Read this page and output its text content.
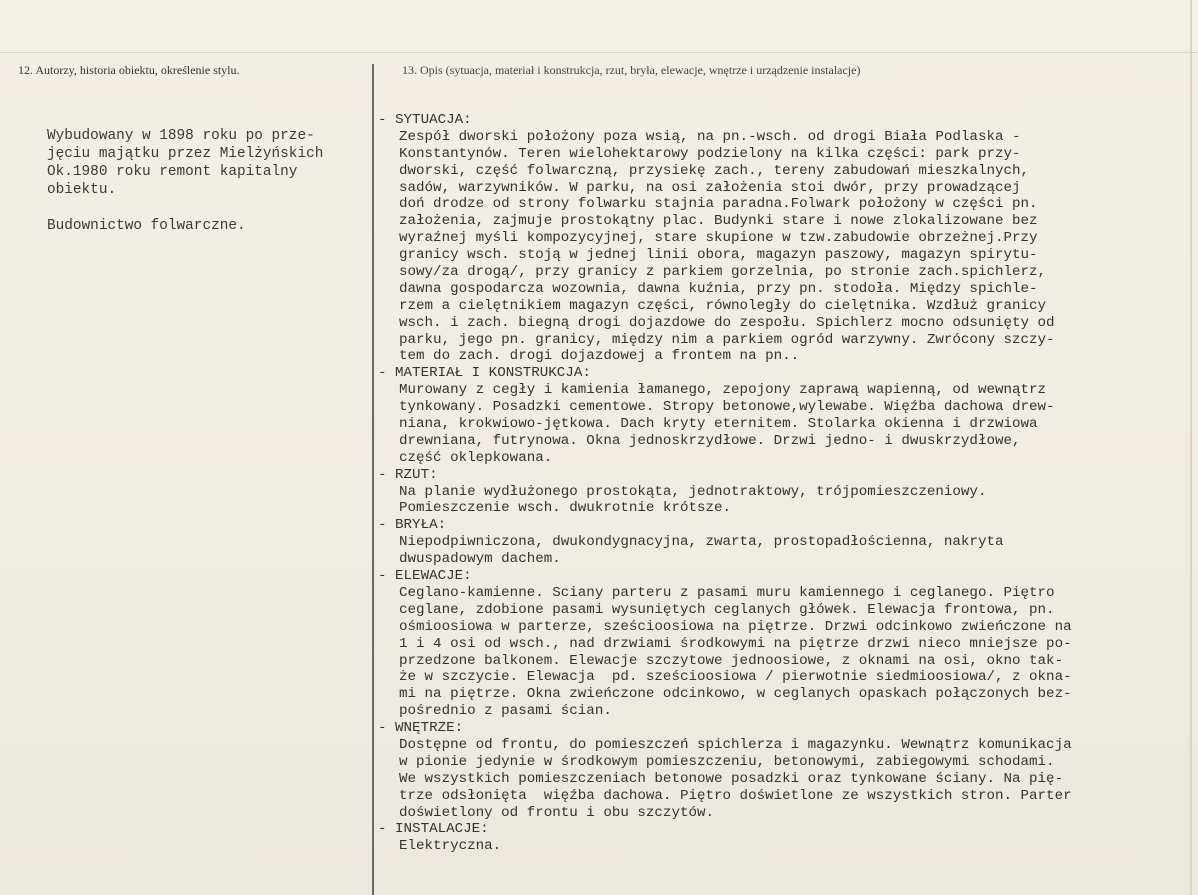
12. Autorzy, historia obiektu, określenie stylu.	13. Opis (sytuacja, materiał i konstrukcja, rzut, bryła, elewacje, wnętrze i urządzenie instalacje)
Wybudowany w 1898 roku po prze-
jęciu majątku przez Mielżyńskich
Ok.1980 roku remont kapitalny
obiektu.
Budownictwo folwarczne.
- SYTUACJA:
Zespół dworski położony poza wsią, na pn.-wsch. od drogi Biała Podlaska -
Konstantynów. Teren wielohektarowy podzielony na kilka części: park przy-
dworski, część folwarczną, przysiekę zach., tereny zabudowań mieszkalnych,
sadów, warzywników. W parku, na osi założenia stoi dwór, przy prowadzącej
doń drodze od strony folwarku stajnia paradna.Folwark położony w części pn.
założenia, zajmuje prostokątny plac. Budynki stare i nowe zlokalizowane bez
wyraźnej myśli kompozycyjnej, stare skupione w tzw.zabudowie obrzeżnej.Przy
granicy wsch. stoją w jednej linii obora, magazyn paszowy, magazyn spirytu-
sowy/za drogą/, przy granicy z parkiem gorzelnia, po stronie zach.spichlerz,
dawna gospodarcza wozownia, dawna kuźnia, przy pn. stodoła. Między spichle-
rzem a cielętnikiem magazyn części, równoległy do cielętnika. Wzdłuż granicy
wsch. i zach. biegną drogi dojazdowe do zespołu. Spichlerz mocno odsunięty od
parku, jego pn. granicy, między nim a parkiem ogród warzywny. Zwrócony szczy-
tem do zach. drogi dojazdowej a frontem na pn..
- MATERIAŁ I KONSTRUKCJA:
Murowany z cegły i kamienia łamanego, zepojony zaprawą wapienną, od wewnątrz
tynkowany. Posadzki cementowe. Stropy betonowe,wylewabe. Więźba dachowa drew-
niana, krokwiowo-jętkowa. Dach kryty eternitem. Stolarka okienna i drzwiowa
drewniana, futrynowa. Okna jednoskrzydłowe. Drzwi jedno- i dwuskrzydłowe,
część oklepkowana.
- RZUT:
Na planie wydłużonego prostokąta, jednotraktowy, trójpomieszczeniowy.
Pomieszczenie wsch. dwukrotnie krótsze.
- BRYŁA:
Niepodpiwniczona, dwukondygnacyjna, zwarta, prostopadłościenna, nakryta
dwuspadowym dachem.
- ELEWACJE:
Ceglano-kamienne. Sciany parteru z pasami muru kamiennego i ceglanego. Piętro
ceglane, zdobione pasami wysuniętych ceglanych główek. Elewacja frontowa, pn.
ośmioosiowa w parterze, sześcioosiowa na piętrze. Drzwi odcinkowo zwieńczone na
1 i 4 osi od wsch., nad drzwiami środkowymi na piętrze drzwi nieco mniejsze po-
przedzone balkonem. Elewacje szczytowe jednoosiowe, z oknami na osi, okno tak-
że w szczycie. Elewacja  pd. sześcioosiowa / pierwotnie siedmioosiowa/, z okna-
mi na piętrze. Okna zwieńczone odcinkowo, w ceglanych opaskach połączonych bez-
pośrednio z pasami ścian.
- WNĘTRZE:
Dostępne od frontu, do pomieszczeń spichlerza i magazynku. Wewnątrz komunikacja
w pionie jedynie w środkowym pomieszczeniu, betonowymi, zabiegowymi schodami.
We wszystkich pomieszczeniach betonowe posadzki oraz tynkowane ściany. Na pię-
trze odsłonięta  więźba dachowa. Piętro doświetlone ze wszystkich stron. Parter
doświetlony od frontu i obu szczytów.
- INSTALACJE:
Elektryczna.
